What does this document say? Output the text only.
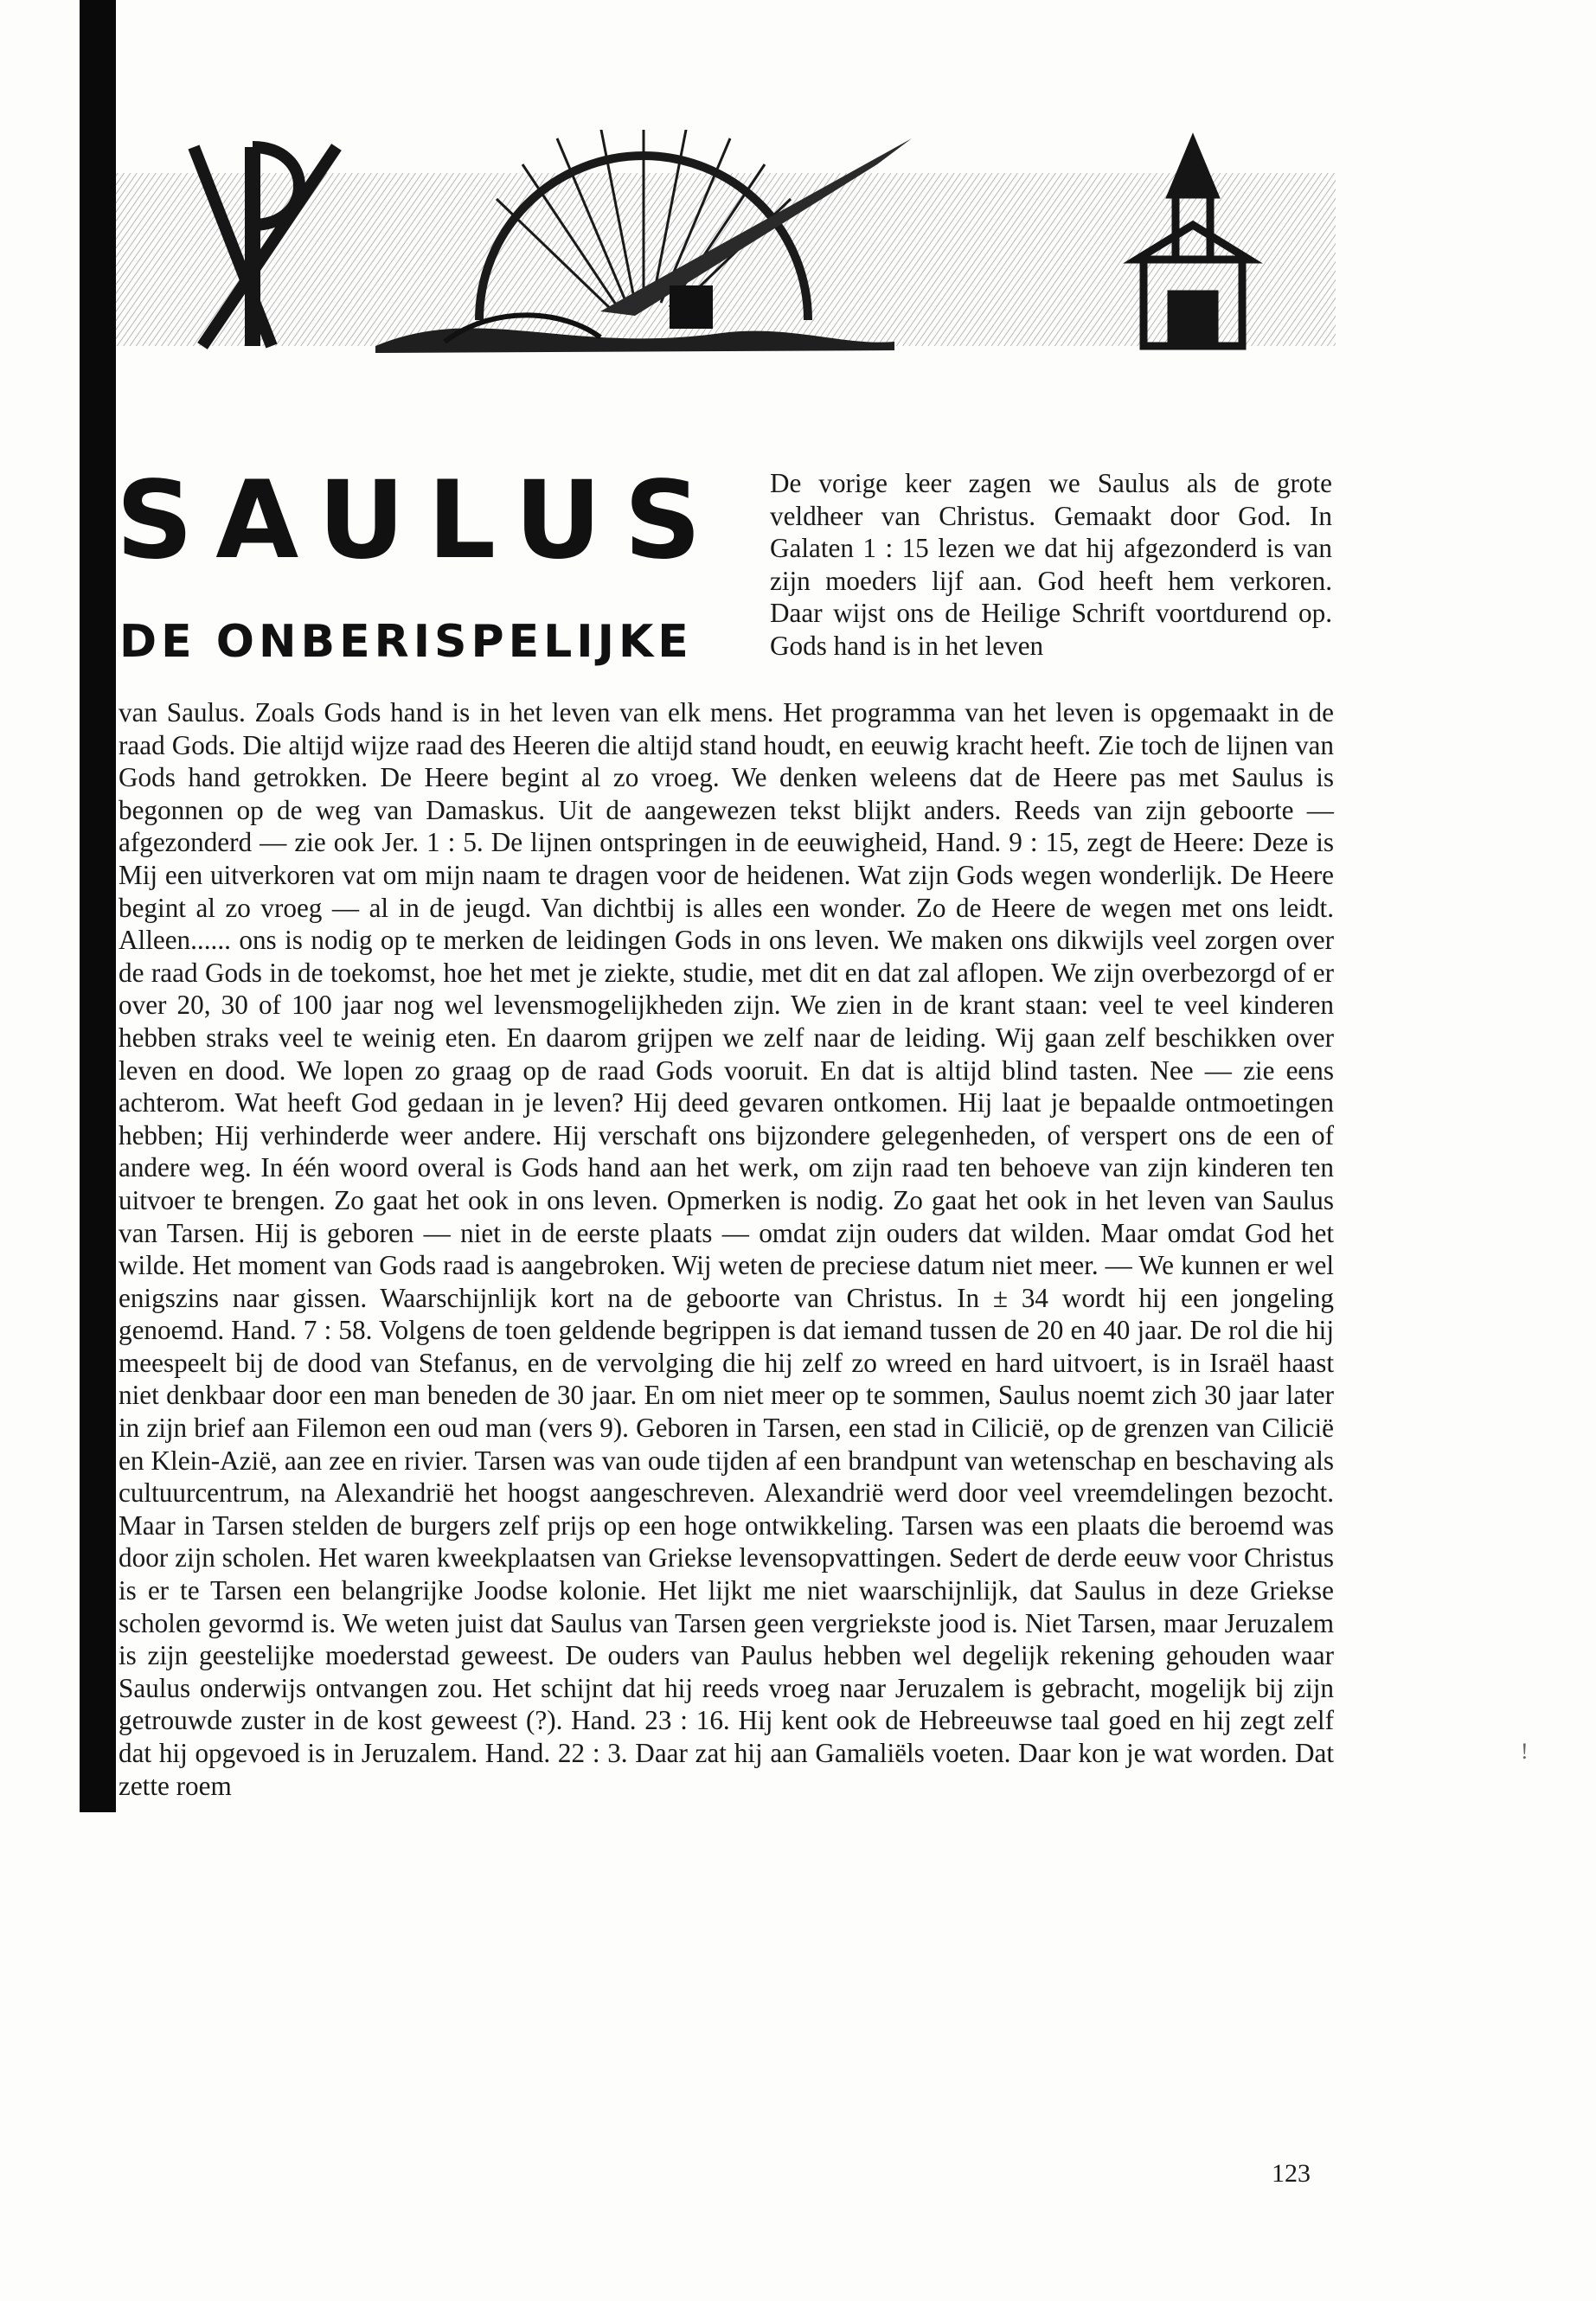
SAULUS
DE ONBERISPELIJKE

De vorige keer zagen we Saulus als de grote veldheer van Christus. Gemaakt door God. In Galaten 1 : 15 lezen we dat hij afgezonderd is van zijn moeders lijf aan. God heeft hem verkoren. Daar wijst ons de Heilige Schrift voortdurend op. Gods hand is in het leven

van Saulus. Zoals Gods hand is in het leven van elk mens. Het programma van het leven is opgemaakt in de raad Gods. Die altijd wijze raad des Heeren die altijd stand houdt, en eeuwig kracht heeft. Zie toch de lijnen van Gods hand getrokken. De Heere begint al zo vroeg. We denken weleens dat de Heere pas met Saulus is begonnen op de weg van Damaskus. Uit de aangewezen tekst blijkt anders. Reeds van zijn geboorte — afgezonderd — zie ook Jer. 1 : 5. De lijnen ontspringen in de eeuwigheid, Hand. 9 : 15, zegt de Heere: Deze is Mij een uitverkoren vat om mijn naam te dragen voor de heidenen. Wat zijn Gods wegen wonderlijk. De Heere begint al zo vroeg — al in de jeugd. Van dichtbij is alles een wonder. Zo de Heere de wegen met ons leidt. Alleen...... ons is nodig op te merken de leidingen Gods in ons leven. We maken ons dikwijls veel zorgen over de raad Gods in de toekomst, hoe het met je ziekte, studie, met dit en dat zal aflopen. We zijn overbezorgd of er over 20, 30 of 100 jaar nog wel levensmogelijkheden zijn. We zien in de krant staan: veel te veel kinderen hebben straks veel te weinig eten. En daarom grijpen we zelf naar de leiding. Wij gaan zelf beschikken over leven en dood. We lopen zo graag op de raad Gods vooruit. En dat is altijd blind tasten. Nee — zie eens achterom. Wat heeft God gedaan in je leven? Hij deed gevaren ontkomen. Hij laat je bepaalde ontmoetingen hebben; Hij verhinderde weer andere. Hij verschaft ons bijzondere gelegenheden, of verspert ons de een of andere weg. In één woord overal is Gods hand aan het werk, om zijn raad ten behoeve van zijn kinderen ten uitvoer te brengen. Zo gaat het ook in ons leven. Opmerken is nodig. Zo gaat het ook in het leven van Saulus van Tarsen. Hij is geboren — niet in de eerste plaats — omdat zijn ouders dat wilden. Maar omdat God het wilde. Het moment van Gods raad is aangebroken. Wij weten de preciese datum niet meer. — We kunnen er wel enigszins naar gissen. Waarschijnlijk kort na de geboorte van Christus. In ± 34 wordt hij een jongeling genoemd. Hand. 7 : 58. Volgens de toen geldende begrippen is dat iemand tussen de 20 en 40 jaar. De rol die hij meespeelt bij de dood van Stefanus, en de vervolging die hij zelf zo wreed en hard uitvoert, is in Israël haast niet denkbaar door een man beneden de 30 jaar. En om niet meer op te sommen, Saulus noemt zich 30 jaar later in zijn brief aan Filemon een oud man (vers 9). Geboren in Tarsen, een stad in Cilicië, op de grenzen van Cilicië en Klein-Azië, aan zee en rivier. Tarsen was van oude tijden af een brandpunt van wetenschap en beschaving als cultuurcentrum, na Alexandrië het hoogst aangeschreven. Alexandrië werd door veel vreemdelingen bezocht. Maar in Tarsen stelden de burgers zelf prijs op een hoge ontwikkeling. Tarsen was een plaats die beroemd was door zijn scholen. Het waren kweekplaatsen van Griekse levensopvattingen. Sedert de derde eeuw voor Christus is er te Tarsen een belangrijke Joodse kolonie. Het lijkt me niet waarschijnlijk, dat Saulus in deze Griekse scholen gevormd is. We weten juist dat Saulus van Tarsen geen vergriekste jood is. Niet Tarsen, maar Jeruzalem is zijn geestelijke moederstad geweest. De ouders van Paulus hebben wel degelijk rekening gehouden waar Saulus onderwijs ontvangen zou. Het schijnt dat hij reeds vroeg naar Jeruzalem is gebracht, mogelijk bij zijn getrouwde zuster in de kost geweest (?). Hand. 23 : 16. Hij kent ook de Hebreeuwse taal goed en hij zegt zelf dat hij opgevoed is in Jeruzalem. Hand. 22 : 3. Daar zat hij aan Gamaliëls voeten. Daar kon je wat worden. Dat zette roem

!
123
